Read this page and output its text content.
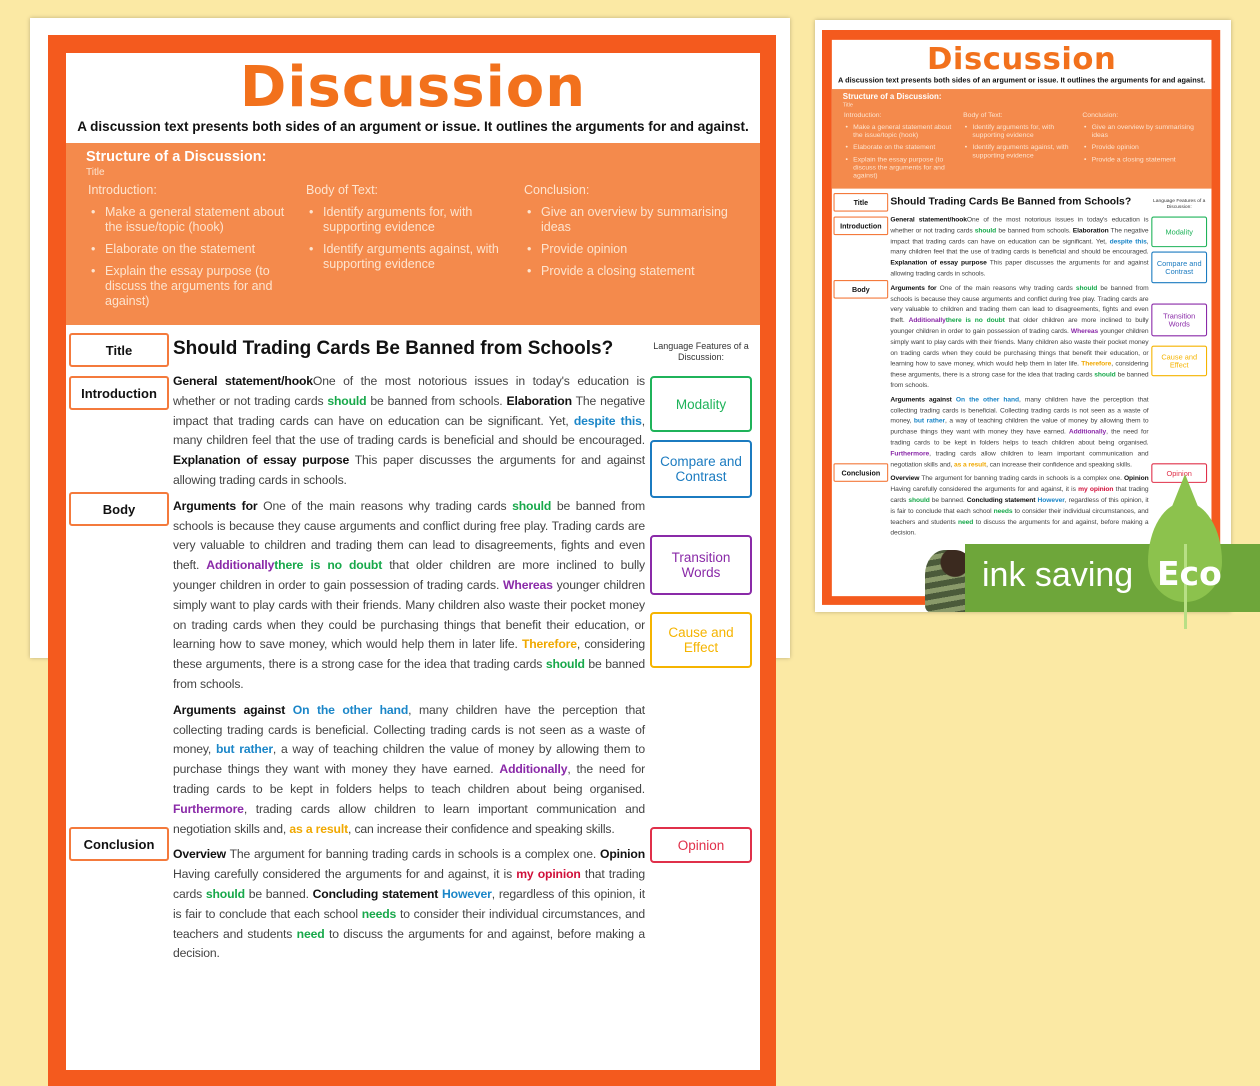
Discussion
A discussion text presents both sides of an argument or issue. It outlines the arguments for and against.
Structure of a Discussion:
Title
Introduction:
• Make a general statement about the issue/topic (hook)
• Elaborate on the statement
• Explain the essay purpose (to discuss the arguments for and against)
Body of Text:
• Identify arguments for, with supporting evidence
• Identify arguments against, with supporting evidence
Conclusion:
• Give an overview by summarising ideas
• Provide opinion
• Provide a closing statement
Title
Introduction
Body
Conclusion
Should Trading Cards Be Banned from Schools?	Language Features of a Discussion:
General statement/hookOne of the most notorious issues in today's education is whether or not trading cards should be banned from schools. Elaboration The negative impact that trading cards can have on education can be significant. Yet, despite this, many children feel that the use of trading cards is beneficial and should be encouraged. Explanation of essay purpose This paper discusses the arguments for and against allowing trading cards in schools.
Arguments for One of the main reasons why trading cards should be banned from schools is because they cause arguments and conflict during free play. Trading cards are very valuable to children and trading them can lead to disagreements, fights and even theft. Additionallythere is no doubt that older children are more inclined to bully younger children in order to gain possession of trading cards. Whereas younger children simply want to play cards with their friends. Many children also waste their pocket money on trading cards when they could be purchasing things that benefit their education, or learning how to save money, which would help them in later life. Therefore, considering these arguments, there is a strong case for the idea that trading cards should be banned from schools.
Arguments against On the other hand, many children have the perception that collecting trading cards is beneficial. Collecting trading cards is not seen as a waste of money, but rather, a way of teaching children the value of money by allowing them to purchase things they want with money they have earned. Additionally, the need for trading cards to be kept in folders helps to teach children about being organised. Furthermore, trading cards allow children to learn important communication and negotiation skills and, as a result, can increase their confidence and speaking skills.
Overview The argument for banning trading cards in schools is a complex one. Opinion Having carefully considered the arguments for and against, it is my opinion that trading cards should be banned. Concluding statement However, regardless of this opinion, it is fair to conclude that each school needs to consider their individual circumstances, and teachers and students need to discuss the arguments for and against, before making a decision.
Modality
Compare and Contrast
Transition Words
Cause and Effect
Opinion
Discussion
A discussion text presents both sides of an argument or issue. It outlines the arguments for and against.
Structure of a Discussion:
Title
Introduction:
• Make a general statement about the issue/topic (hook)
• Elaborate on the statement
• Explain the essay purpose (to discuss the arguments for and against)
Body of Text:
• Identify arguments for, with supporting evidence
• Identify arguments against, with supporting evidence
Conclusion:
• Give an overview by summarising ideas
• Provide opinion
• Provide a closing statement
Title
Introduction
Body
Conclusion
Should Trading Cards Be Banned from Schools? Language Features of a Discussion:
General statement/hookOne of the most notorious issues in today's education is whether or not trading cards should be banned from schools. Elaboration The negative impact that trading cards can have on education can be significant. Yet, despite this, many children feel that the use of trading cards is beneficial and should be encouraged. Explanation of essay purpose This paper discusses the arguments for and against allowing trading cards in schools.
Arguments for One of the main reasons why trading cards should be banned from schools is because they cause arguments and conflict during free play. Trading cards are very valuable to children and trading them can lead to disagreements, fights and even theft. Additionallythere is no doubt that older children are more inclined to bully younger children in order to gain possession of trading cards. Whereas younger children simply want to play cards with their friends. Many children also waste their pocket money on trading cards when they could be purchasing things that benefit their education, or learning how to save money, which would help them in later life. Therefore, considering these arguments, there is a strong case for the idea that trading cards should be banned from schools.
Arguments against On the other hand, many children have the perception that collecting trading cards is beneficial. Collecting trading cards is not seen as a waste of money, but rather, a way of teaching children the value of money by allowing them to purchase things they want with money they have earned. Additionally, the need for trading cards to be kept in folders helps to teach children about being organised. Furthermore, trading cards allow children to learn important communication and negotiation skills and, as a result, can increase their confidence and speaking skills.
Overview The argument for banning trading cards in schools is a complex one. Opinion Having carefully considered the arguments for and against, it is my opinion that trading cards should be banned. Concluding statement However, regardless of this opinion, it is fair to conclude that each school needs to consider their individual circumstances, and teachers and students need to discuss the arguments for and against, before making a decision.
Modality
Compare and Contrast
Transition Words
Cause and Effect
Opinion
ink saving Eco
